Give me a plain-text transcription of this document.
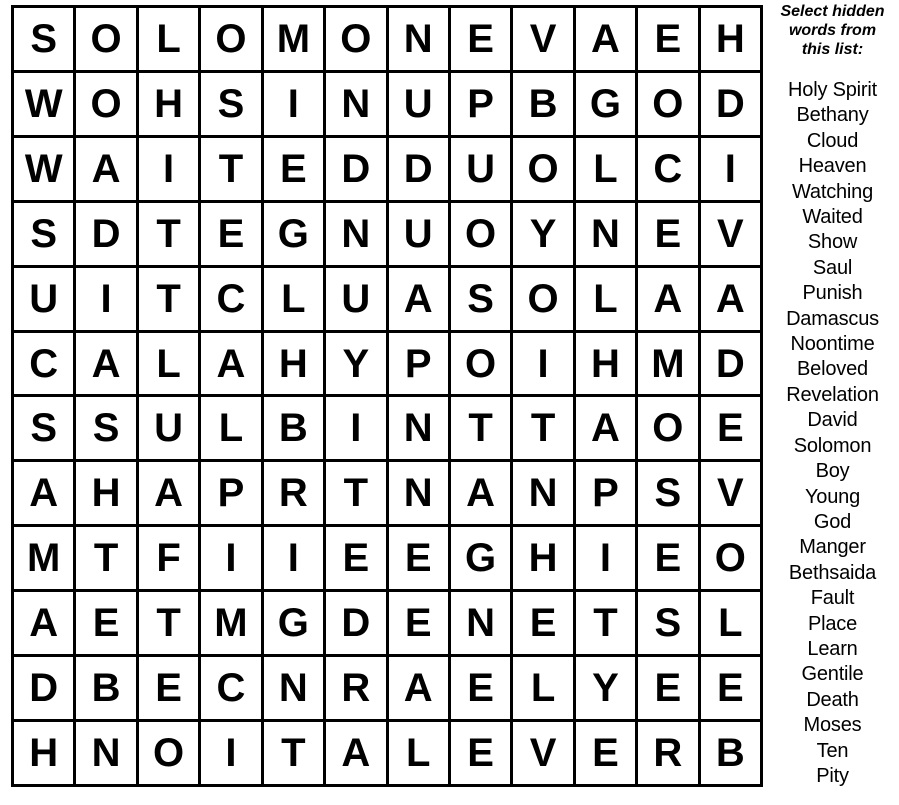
S O L O M O N E V A E H
W O H S	I	N U P B G O D
W A	I	T E D D U O L C	I
S D T E G N U O Y N E V
U	I	T C L U A S O L A A
C A L A H Y P O	I	H M D
S S U L B	I	N T T A O E
A H A P R T N A N P S V
M T F	I	I	E E G H	I	E O
A E T M G D E N E T S L
D B E C N R A E L Y E E
H N O	I	T A L E V E R B
Select hidden
words from
this list:
Holy Spirit
Bethany
Cloud
Heaven
Watching
Waited
Show
Saul
Punish
Damascus
Noontime
Beloved
Revelation
David
Solomon
Boy
Young
God
Manger
Bethsaida
Fault
Place
Learn
Gentile
Death
Moses
Ten
Pity
